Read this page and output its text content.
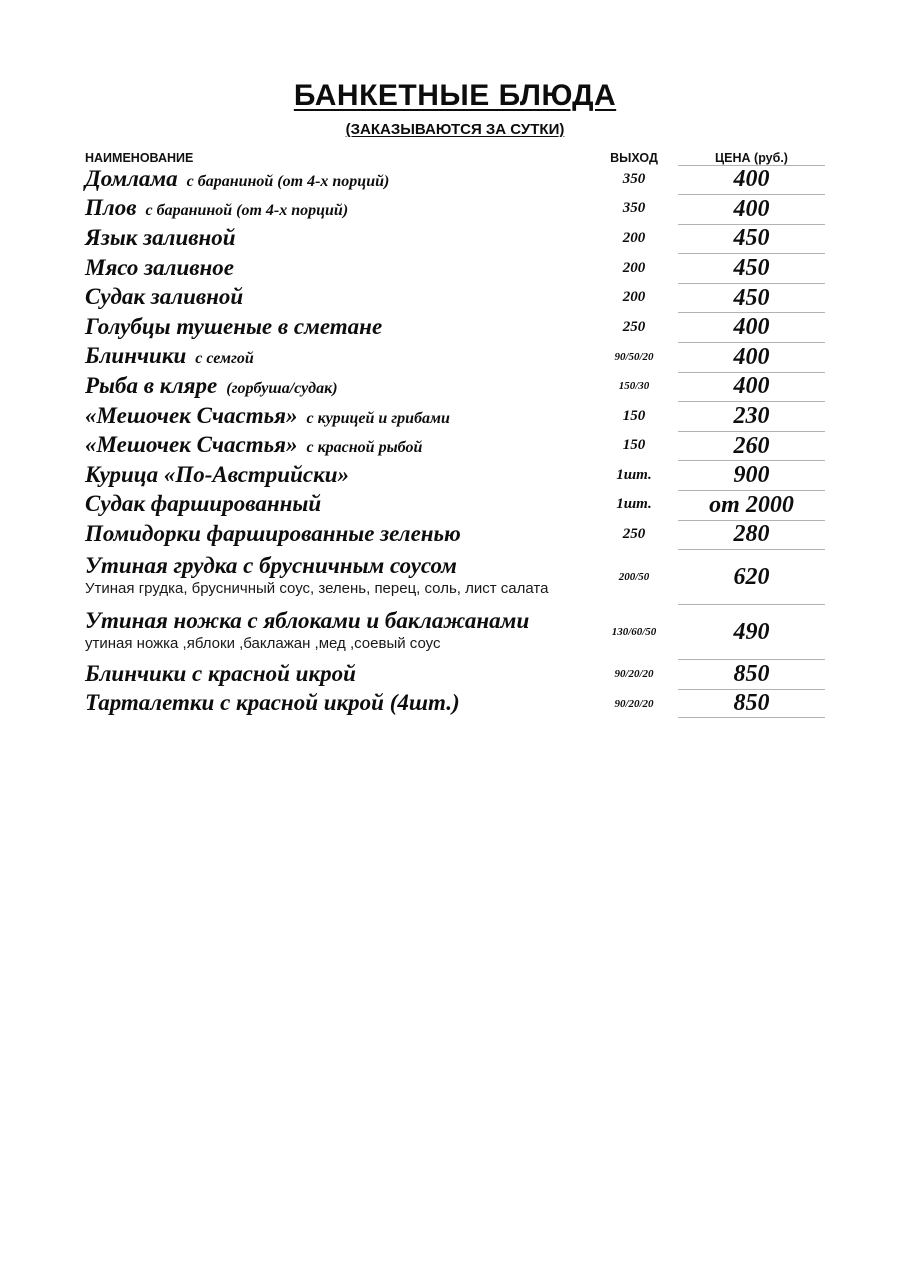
БАНКЕТНЫЕ БЛЮДА
(ЗАКАЗЫВАЮТСЯ ЗА СУТКИ)
НАИМЕНОВАНИЕ	ВЫХОД	ЦЕНА (руб.)
Домлама с бараниной (от 4-х порций)	350	400
Плов с бараниной (от 4-х порций)	350	400
Язык заливной	200	450
Мясо заливное	200	450
Судак заливной	200	450
Голубцы тушеные в сметане	250	400
Блинчики с семгой	90/50/20	400
Рыба в кляре (горбуша/судак)	150/30	400
«Мешочек Счастья» с курицей и грибами	150	230
«Мешочек Счастья» с красной рыбой	150	260
Курица «По-Австрийски»	1шт.	900
Судак фаршированный	1шт.	от 2000
Помидорки фаршированные зеленью	250	280
Утиная грудка с брусничным соусом
Утиная грудка, брусничный соус, зелень, перец, соль, лист салата
200/50	620
Утиная ножка с яблоками и баклажанами
утиная ножка ,яблоки ,баклажан ,мед ,соевый соус
130/60/50	490
Блинчики с красной икрой	90/20/20	850
Тарталетки с красной икрой (4шт.)	90/20/20	850
